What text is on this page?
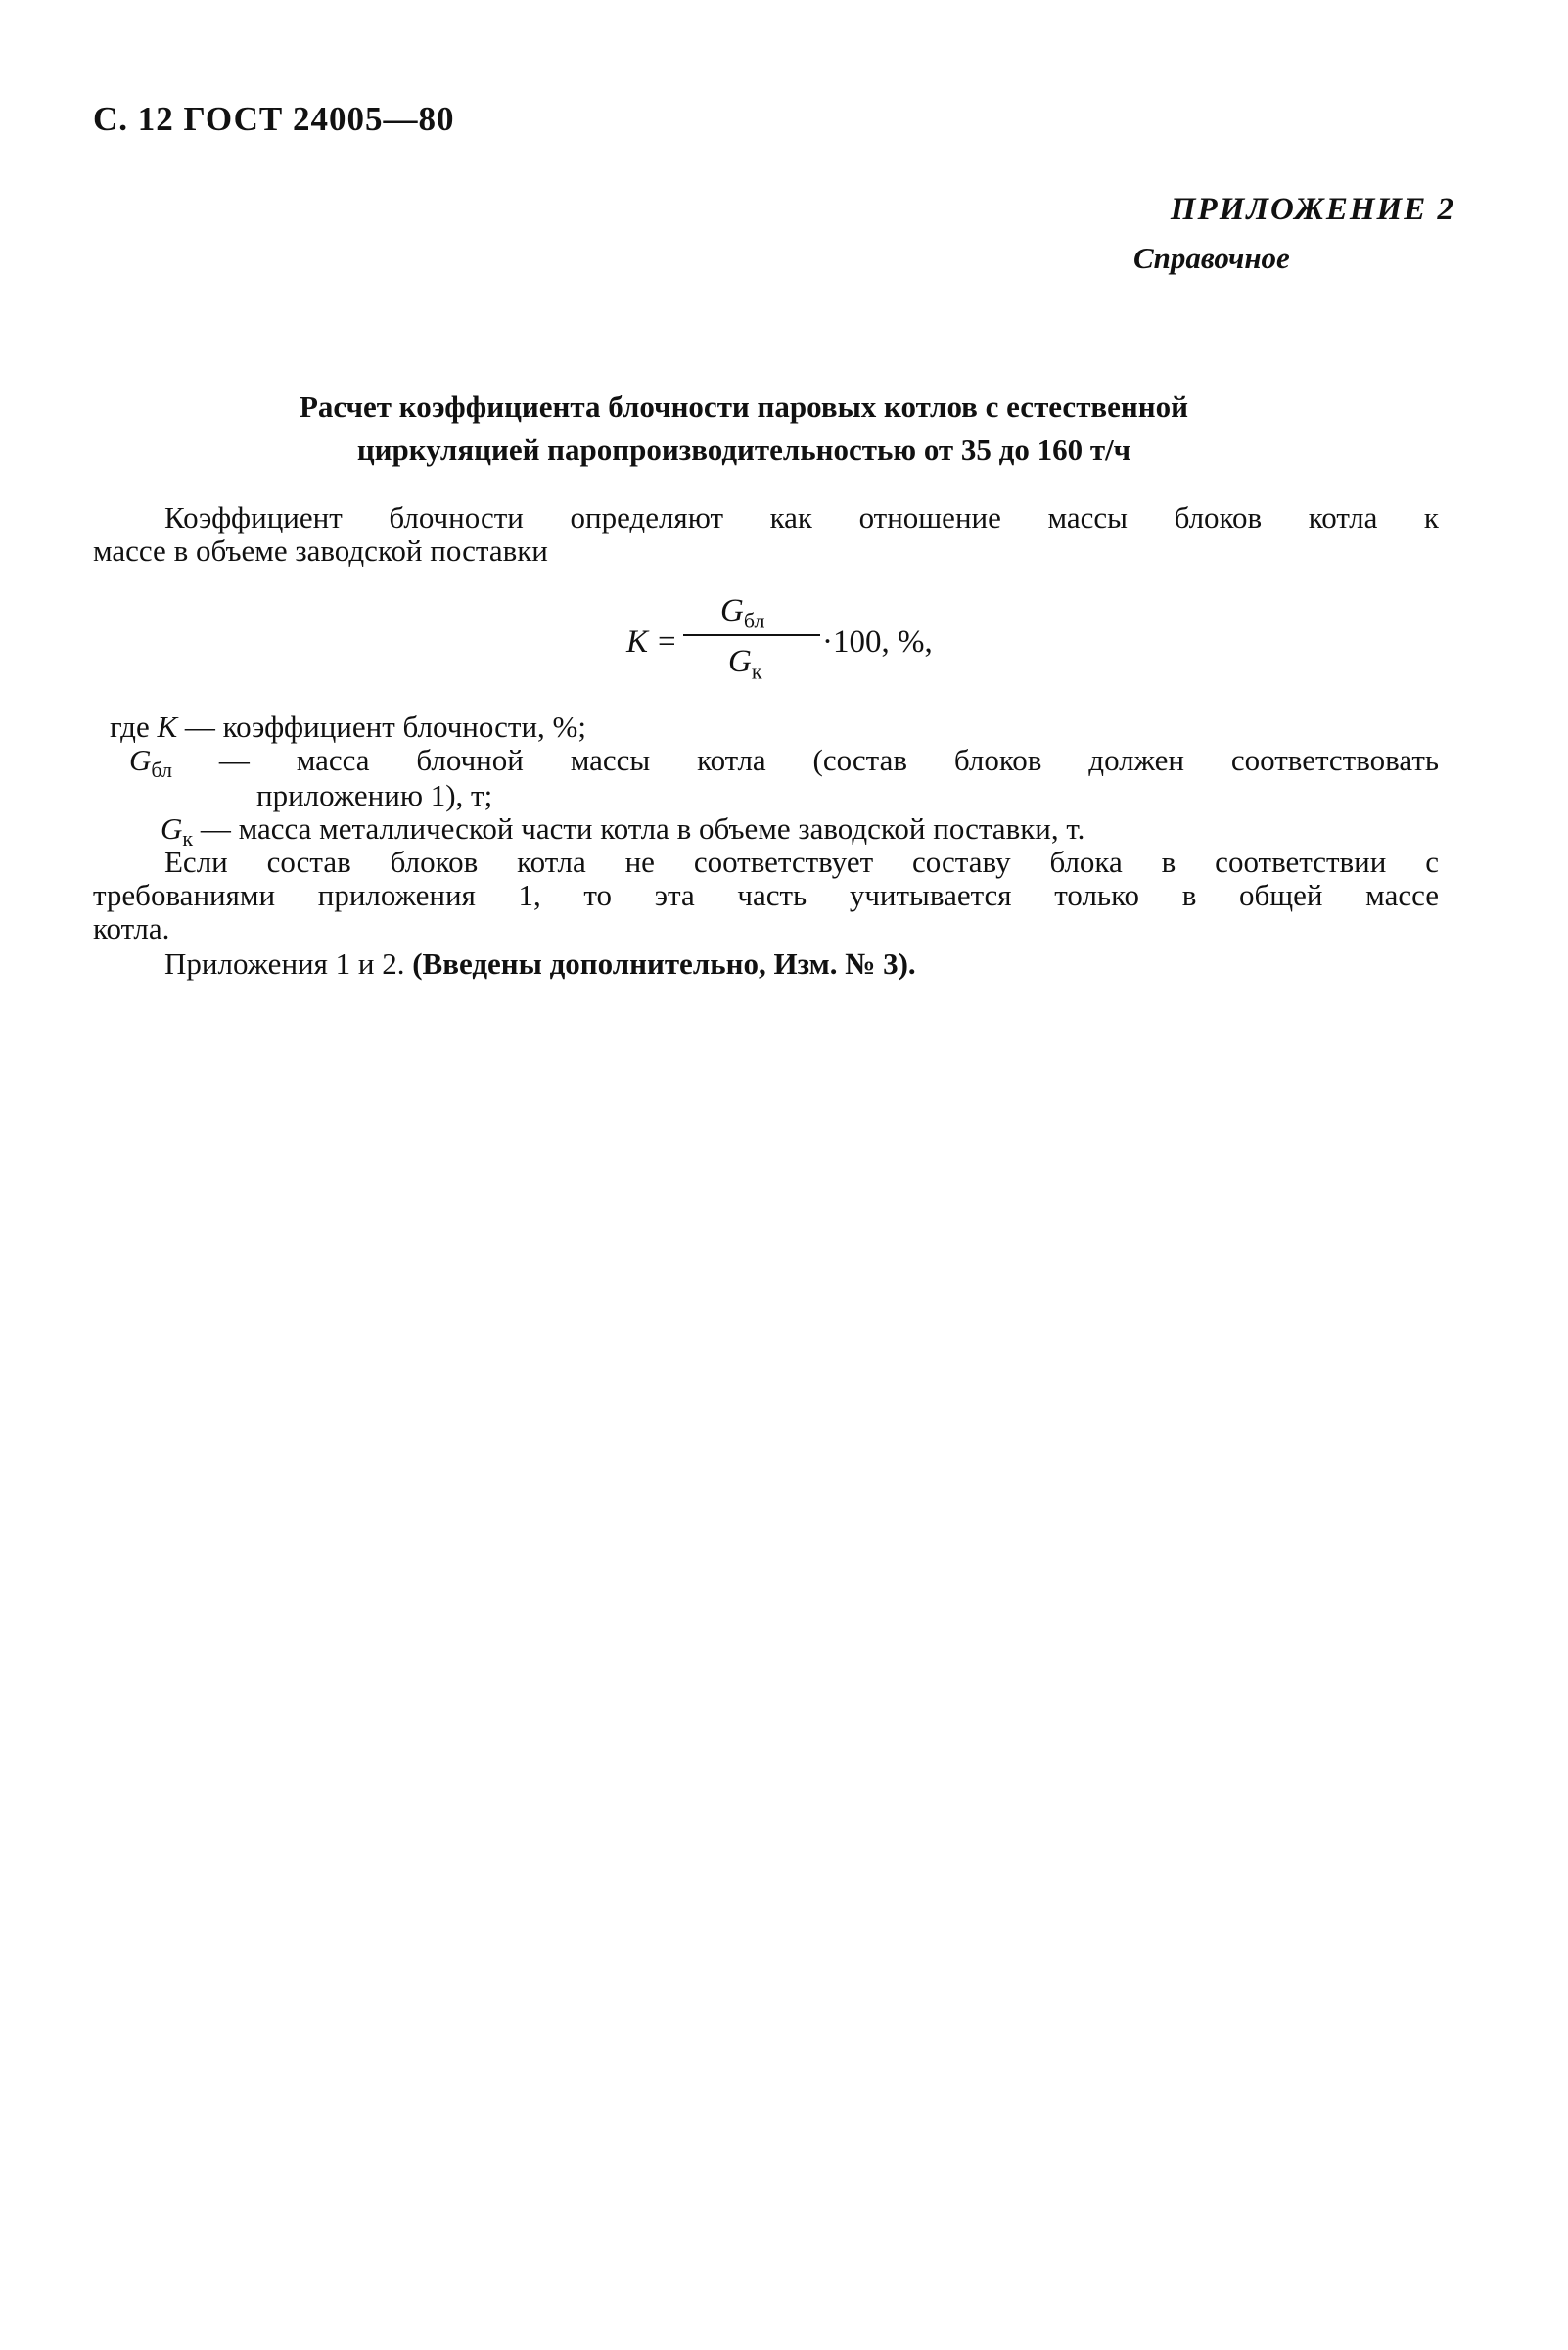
С. 12 ГОСТ 24005—80
ПРИЛОЖЕНИЕ 2
Справочное
Расчет коэффициента блочности паровых котлов с естественной
циркуляцией паропроизводительностью от 35 до 160 т/ч
Коэффициент блочности определяют как отношение массы блоков котла к
массе в объеме заводской поставки
K =
$G_{бл}$
$G_к$
·100, %,
где K — коэффициент блочности, %;
$G_{бл}$ — масса блочной массы котла (состав блоков должен соответствовать
приложению 1), т;
$G_к$ — масса металлической части котла в объеме заводской поставки, т.
Если состав блоков котла не соответствует составу блока в соответствии с
требованиями приложения 1, то эта часть учитывается только в общей массе
котла.
Приложения 1 и 2. (Введены дополнительно, Изм. № 3).
